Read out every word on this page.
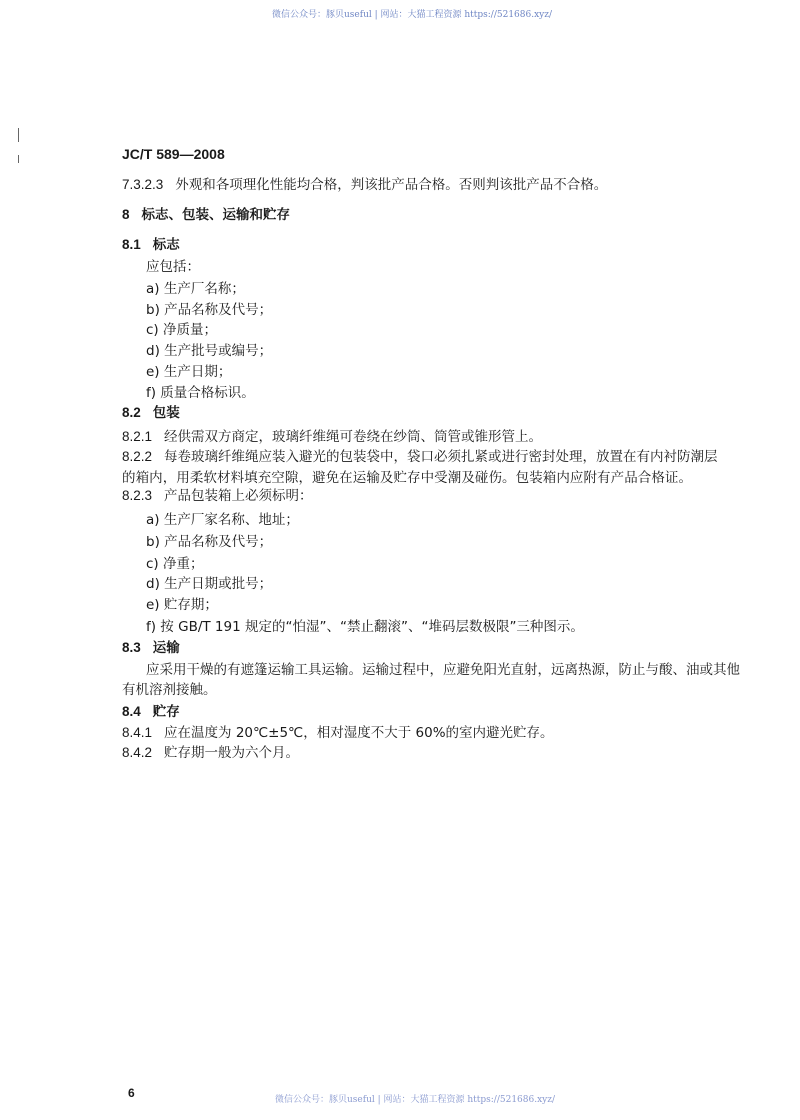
微信公众号：豚贝useful | 网站：大猫工程资源 https://521686.xyz/
JC/T 589—2008
7.3.2.3 外观和各项理化性能均合格，判该批产品合格。否则判该批产品不合格。
8 标志、包装、运输和贮存
8.1 标志
应包括：
a) 生产厂名称；
b) 产品名称及代号；
c) 净质量；
d) 生产批号或编号；
e) 生产日期；
f) 质量合格标识。
8.2 包装
8.2.1 经供需双方商定，玻璃纤维绳可卷绕在纱筒、筒管或锥形管上。
8.2.2 每卷玻璃纤维绳应装入避光的包装袋中，袋口必须扎紧或进行密封处理，放置在有内衬防潮层
的箱内，用柔软材料填充空隙，避免在运输及贮存中受潮及碰伤。包装箱内应附有产品合格证。
8.2.3 产品包装箱上必须标明：
a) 生产厂家名称、地址；
b) 产品名称及代号；
c) 净重；
d) 生产日期或批号；
e) 贮存期；
f) 按 GB/T 191 规定的“怕湿”、“禁止翻滚”、“堆码层数极限”三种图示。
8.3 运输
应采用干燥的有遮篷运输工具运输。运输过程中，应避免阳光直射，远离热源，防止与酸、油或其他
有机溶剂接触。
8.4 贮存
8.4.1 应在温度为 20℃±5℃，相对湿度不大于 60%的室内避光贮存。
8.4.2 贮存期一般为六个月。
6	微信公众号：豚贝useful | 网站：大猫工程资源 https://521686.xyz/
